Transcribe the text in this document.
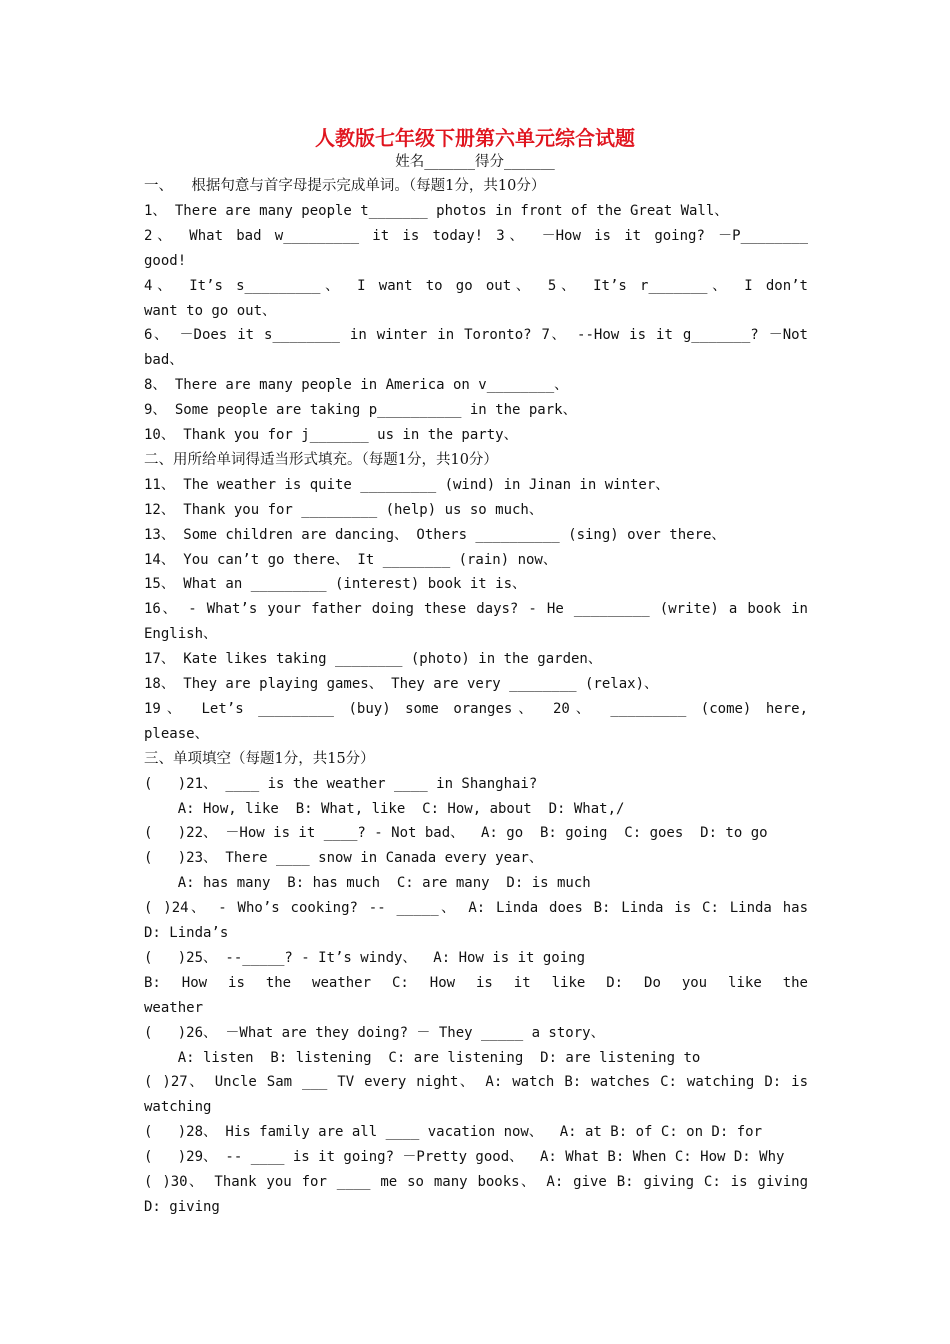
人教版七年级下册第六单元综合试题
姓名_______得分_______
一、    根据句意与首字母提示完成单词。（每题1分，共10分）
1、 There are many people t_______ photos in front of the Great Wall、
2、 What bad w_________ it is today! 3、 －How is it going? －P________
good!
4、 It’s s_________、 I want to go out、 5、 It’s r_______、 I don’t
want to go out、
6、 －Does it s________ in winter in Toronto? 7、 --How is it g_______? －Not
bad、
8、 There are many people in America on v________、
9、 Some people are taking p__________ in the park、
10、 Thank you for j_______ us in the party、
二、用所给单词得适当形式填充。（每题1分，共10分）
11、 The weather is quite _________ (wind) in Jinan in winter、
12、 Thank you for _________ (help) us so much、
13、 Some children are dancing、 Others __________ (sing) over there、
14、 You can’t go there、 It ________ (rain) now、
15、 What an _________ (interest) book it is、
16、 - What’s your father doing these days? - He _________ (write) a book in
English、
17、 Kate likes taking ________ (photo) in the garden、
18、 They are playing games、 They are very ________ (relax)、
19、 Let’s _________ (buy) some oranges、 20、 _________ (come) here,
please、
三、单项填空（每题1分，共15分）
(   )21、 ____ is the weather ____ in Shanghai?
A: How, like  B: What, like  C: How, about  D: What,/
(   )22、 －How is it ____? - Not bad、  A: go  B: going  C: goes  D: to go
(   )23、 There ____ snow in Canada every year、
A: has many  B: has much  C: are many  D: is much
( )24、 - Who’s cooking? -- _____、 A: Linda does B: Linda is C: Linda has
D: Linda’s
(   )25、 --_____? - It’s windy、  A: How is it going
B: How is the weather C: How is it like D: Do you like the
weather
(   )26、 －What are they doing? － They _____ a story、
A: listen  B: listening  C: are listening  D: are listening to
( )27、 Uncle Sam ___ TV every night、 A: watch B: watches C: watching D: is
watching
(   )28、 His family are all ____ vacation now、  A: at B: of C: on D: for
(   )29、 -- ____ is it going? －Pretty good、  A: What B: When C: How D: Why
( )30、 Thank you for ____ me so many books、 A: give B: giving C: is giving
D: giving
